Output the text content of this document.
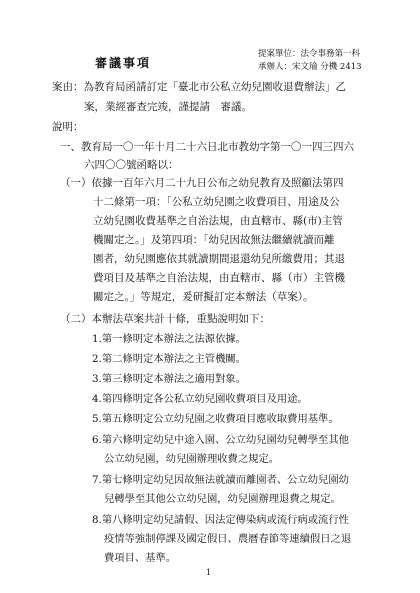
審議事項
提案單位：法令事務第一科
承辦人：宋文瑜 分機 2413
案由：為教育局函請訂定「臺北市公私立幼兒園收退費辦法」乙
案，業經審查完竣，謹提請　審議。
說明：
一、教育局一〇一年十月二十六日北市教幼字第一〇一四三四六
六四〇〇號函略以：
（一）依據一百年六月二十九日公布之幼兒教育及照顧法第四
十二條第一項：「公私立幼兒園之收費項目、用途及公
立幼兒園收費基準之自治法規，由直轄市、縣(市)主管
機關定之。」及第四項：「幼兒因故無法繼續就讀而離
園者，幼兒園應依其就讀期間退還幼兒所繳費用；其退
費項目及基準之自治法規，由直轄市、縣（市）主管機
關定之。」等規定，爰研擬訂定本辦法（草案）。
（二）本辦法草案共計十條，重點說明如下：
1.第一條明定本辦法之法源依據。
2.第二條明定本辦法之主管機關。
3.第三條明定本辦法之適用對象。
4.第四條明定各公私立幼兒園收費項目及用途。
5.第五條明定公立幼兒園之收費項目應收取費用基準。
6.第六條明定幼兒中途入園、公立幼兒園幼兒轉學至其他
公立幼兒園，幼兒園辦理收費之規定。
7.第七條明定幼兒因故無法就讀而離園者、公立幼兒園幼
兒轉學至其他公立幼兒園，幼兒園辦理退費之規定。
8.第八條明定幼兒請假、因法定傳染病或流行病或流行性
疫情等強制停課及國定假日、農曆春節等連續假日之退
費項目、基準。
1
